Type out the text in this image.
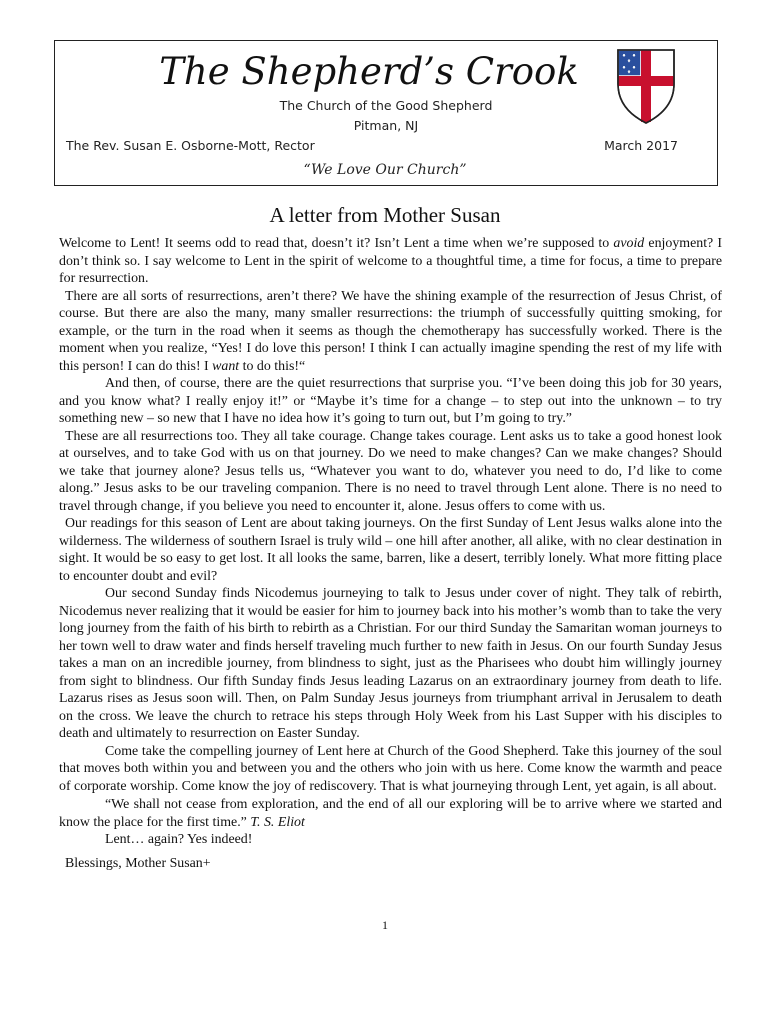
The Shepherd’s Crook
The Church of the Good Shepherd
Pitman, NJ
The Rev. Susan E. Osborne-Mott, Rector	March 2017
“We Love Our Church”
A letter from Mother Susan

Welcome to Lent! It seems odd to read that, doesn’t it? Isn’t Lent a time when we’re supposed to avoid enjoyment? I don’t think so. I say welcome to Lent in the spirit of welcome to a thoughtful time, a time for focus, a time to prepare for resurrection.

There are all sorts of resurrections, aren’t there? We have the shining example of the resurrection of Jesus Christ, of course. But there are also the many, many smaller resurrections: the triumph of successfully quitting smoking, for example, or the turn in the road when it seems as though the chemotherapy has successfully worked. There is the moment when you realize, “Yes! I do love this person! I think I can actually imagine spending the rest of my life with this person! I can do this! I want to do this!“

And then, of course, there are the quiet resurrections that surprise you. “I’ve been doing this job for 30 years, and you know what? I really enjoy it!” or “Maybe it’s time for a change – to step out into the unknown – to try something new – so new that I have no idea how it’s going to turn out, but I’m going to try.”

These are all resurrections too. They all take courage. Change takes courage. Lent asks us to take a good honest look at ourselves, and to take God with us on that journey. Do we need to make changes? Can we make changes? Should we take that journey alone? Jesus tells us, “Whatever you want to do, whatever you need to do, I’d like to come along.” Jesus asks to be our traveling companion. There is no need to travel through Lent alone. There is no need to travel through change, if you believe you need to encounter it, alone. Jesus offers to come with us.

Our readings for this season of Lent are about taking journeys. On the first Sunday of Lent Jesus walks alone into the wilderness. The wilderness of southern Israel is truly wild – one hill after another, all alike, with no clear destination in sight. It would be so easy to get lost. It all looks the same, barren, like a desert, terribly lonely. What more fitting place to encounter doubt and evil?

Our second Sunday finds Nicodemus journeying to talk to Jesus under cover of night. They talk of rebirth, Nicodemus never realizing that it would be easier for him to journey back into his mother’s womb than to take the very long journey from the faith of his birth to rebirth as a Christian. For our third Sunday the Samaritan woman journeys to her town well to draw water and finds herself traveling much further to new faith in Jesus. On our fourth Sunday Jesus takes a man on an incredible journey, from blindness to sight, just as the Pharisees who doubt him willingly journey from sight to blindness. Our fifth Sunday finds Jesus leading Lazarus on an extraordinary journey from death to life. Lazarus rises as Jesus soon will. Then, on Palm Sunday Jesus journeys from triumphant arrival in Jerusalem to death on the cross. We leave the church to retrace his steps through Holy Week from his Last Supper with his disciples to death and ultimately to resurrection on Easter Sunday.

Come take the compelling journey of Lent here at Church of the Good Shepherd. Take this journey of the soul that moves both within you and between you and the others who join with us here. Come know the warmth and peace of corporate worship. Come know the joy of rediscovery. That is what journeying through Lent, yet again, is all about.

“We shall not cease from exploration, and the end of all our exploring will be to arrive where we started and know the place for the first time.” T. S. Eliot

Lent… again? Yes indeed!

Blessings, Mother Susan+

1
